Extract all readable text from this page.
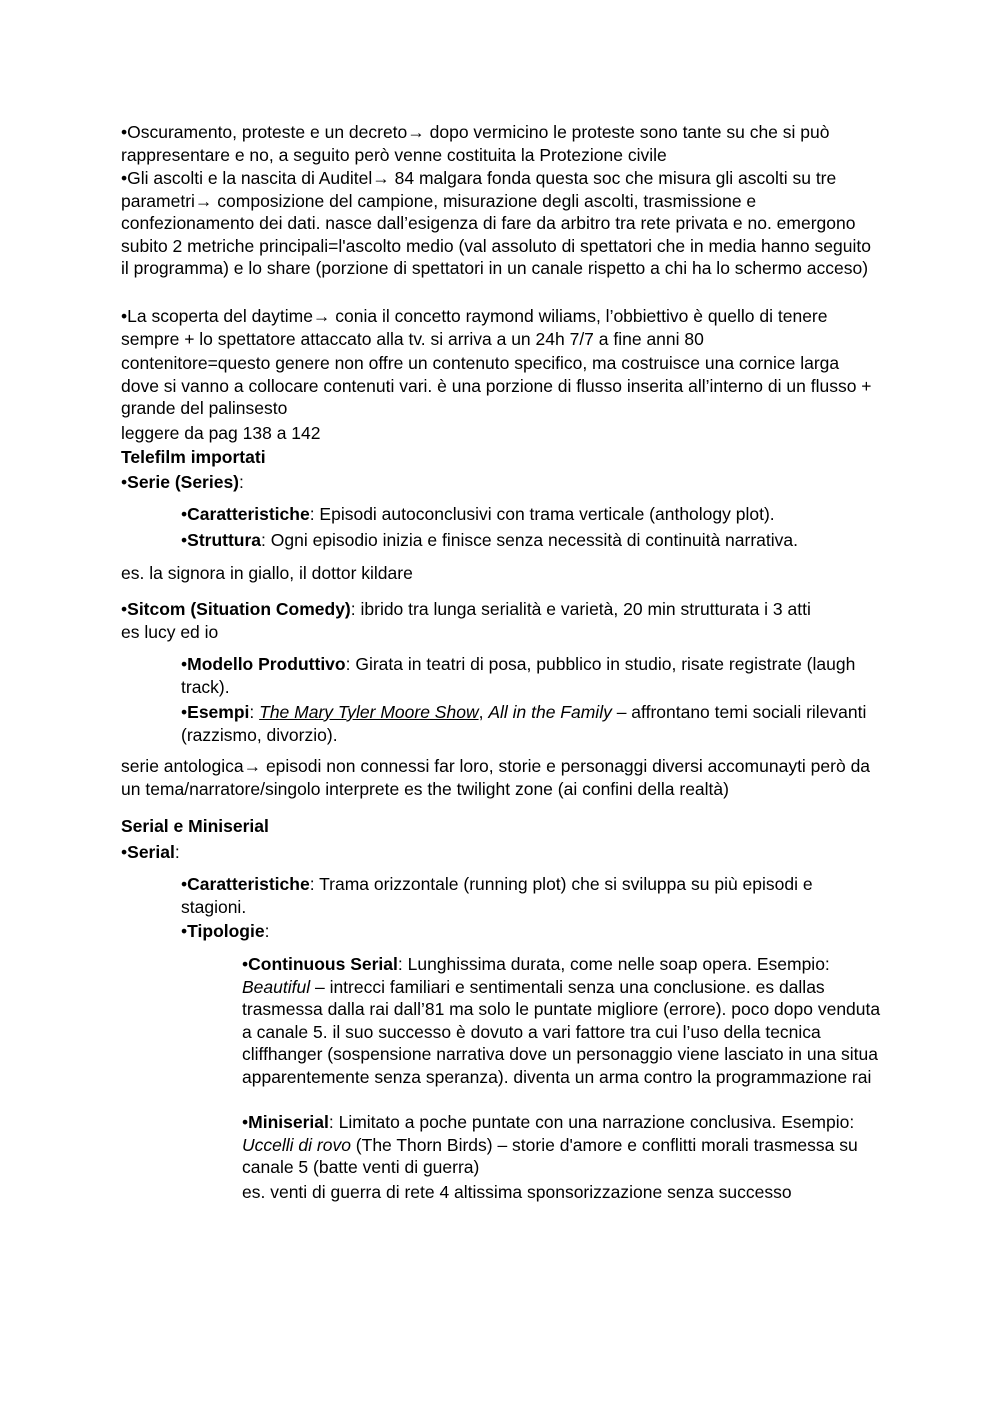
•Oscuramento, proteste e un decreto→ dopo vermicino le proteste sono tante su che si può rappresentare e no, a seguito però venne costituita la Protezione civile

•Gli ascolti e la nascita di Auditel→ 84 malgara fonda questa soc che misura gli ascolti su tre parametri→ composizione del campione, misurazione degli ascolti, trasmissione e confezionamento dei dati. nasce dall’esigenza di fare da arbitro tra rete privata e no. emergono subito 2 metriche principali=l'ascolto medio (val assoluto di spettatori che in media hanno seguito il programma) e lo share (porzione di spettatori in un canale rispetto a chi ha lo schermo acceso)

•La scoperta del daytime→ conia il concetto raymond wiliams, l’obbiettivo è quello di tenere sempre + lo spettatore attaccato alla tv. si arriva a un 24h 7/7 a fine anni 80

contenitore=questo genere non offre un contenuto specifico, ma costruisce una cornice larga dove si vanno a collocare contenuti vari. è una porzione di flusso inserita all’interno di un flusso + grande del palinsesto

leggere da pag 138 a 142

Telefilm importati

•Serie (Series):

•Caratteristiche: Episodi autoconclusivi con trama verticale (anthology plot).

•Struttura: Ogni episodio inizia e finisce senza necessità di continuità narrativa.

es. la signora in giallo, il dottor kildare

•Sitcom (Situation Comedy): ibrido tra lunga serialità e varietà, 20 min strutturata i 3 atti

es lucy ed io

•Modello Produttivo: Girata in teatri di posa, pubblico in studio, risate registrate (laugh track).

•Esempi: The Mary Tyler Moore Show, All in the Family – affrontano temi sociali rilevanti (razzismo, divorzio).

serie antologica→ episodi non connessi far loro, storie e personaggi diversi accomunayti però da un tema/narratore/singolo interprete es the twilight zone (ai confini della realtà)

Serial e Miniserial

•Serial:

•Caratteristiche: Trama orizzontale (running plot) che si sviluppa su più episodi e stagioni.

•Tipologie:

•Continuous Serial: Lunghissima durata, come nelle soap opera. Esempio: Beautiful – intrecci familiari e sentimentali senza una conclusione. es dallas trasmessa dalla rai dall’81 ma solo le puntate migliore (errore). poco dopo venduta a canale 5. il suo successo è dovuto a vari fattore tra cui l’uso della tecnica cliffhanger (sospensione narrativa dove un personaggio viene lasciato in una situa apparentemente senza speranza). diventa un arma contro la programmazione rai

•Miniserial: Limitato a poche puntate con una narrazione conclusiva. Esempio: Uccelli di rovo (The Thorn Birds) – storie d'amore e conflitti morali trasmessa su canale 5 (batte venti di guerra)

es. venti di guerra di rete 4 altissima sponsorizzazione senza successo
